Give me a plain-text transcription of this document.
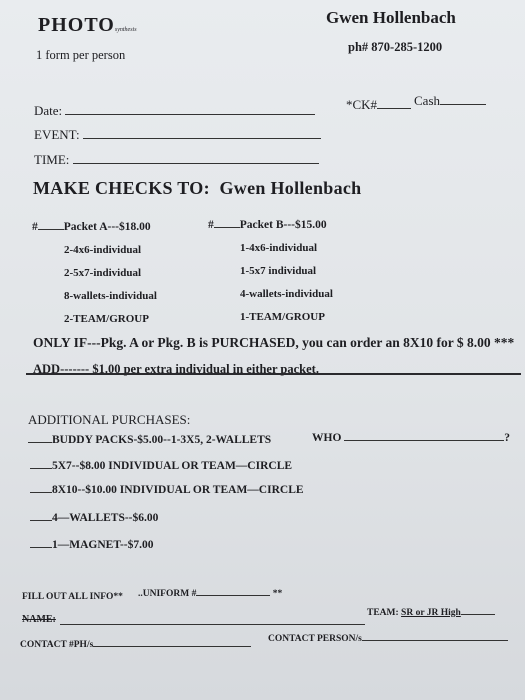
PHOTOsynthesis
1 form per person
Gwen Hollenbach
ph# 870-285-1200
Date:	*CK#	Cash
EVENT:
TIME:
MAKE CHECKS TO: Gwen Hollenbach
# Packet A---$18.00
2-4x6-individual
2-5x7-individual
8-wallets-individual
2-TEAM/GROUP
# Packet B---$15.00
1-4x6-individual
1-5x7 individual
4-wallets-individual
1-TEAM/GROUP
ONLY IF---Pkg. A or Pkg. B is PURCHASED, you can order an 8X10 for $ 8.00 ***
ADD------- $1.00 per extra individual in either packet.
ADDITIONAL PURCHASES:
BUDDY PACKS-$5.00--1-3X5, 2-WALLETS	WHO	?
5X7--$8.00 INDIVIDUAL OR TEAM—CIRCLE
8X10--$10.00 INDIVIDUAL OR TEAM—CIRCLE
4—WALLETS--$6.00
1—MAGNET--$7.00
FILL OUT ALL INFO** ..UNIFORM #	**
NAME:
TEAM: SR or JR High
CONTACT #PH/s
CONTACT PERSON/s
